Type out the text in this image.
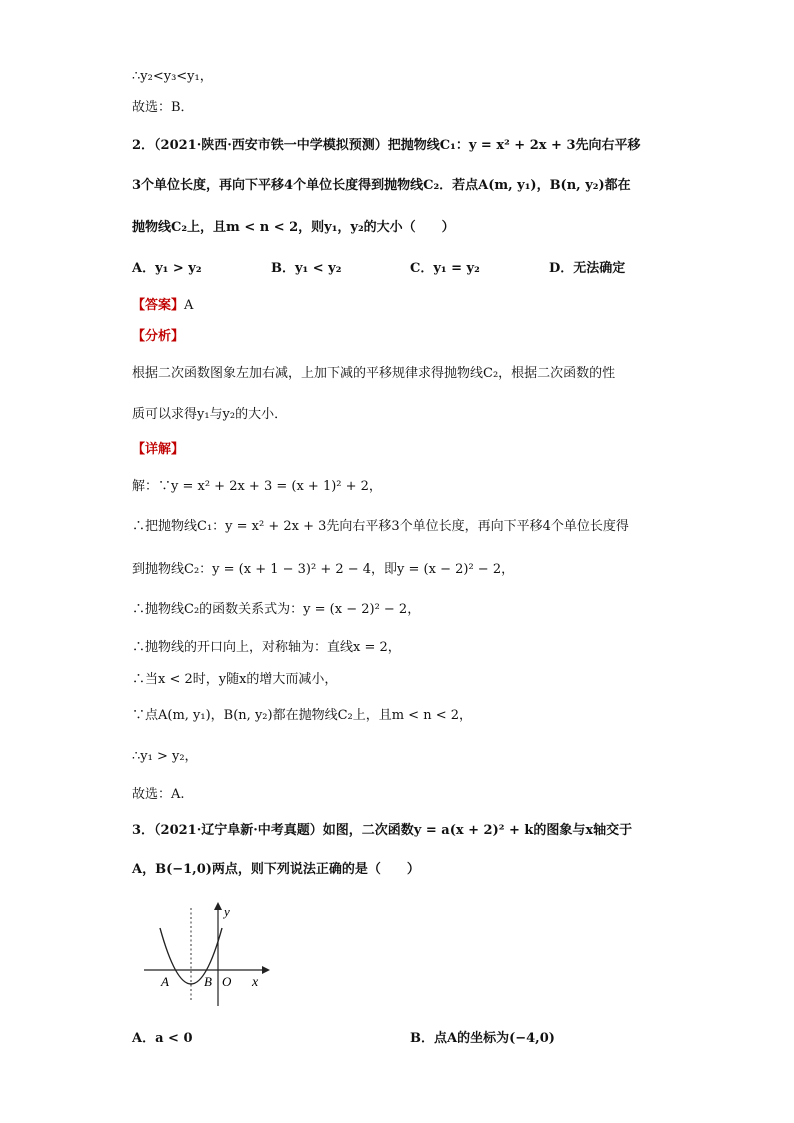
∴y₂<y₃<y₁，
故选：B．
2．（2021·陕西·西安市铁一中学模拟预测）把抛物线C₁：y = x² + 2x + 3先向右平移
3个单位长度，再向下平移4个单位长度得到抛物线C₂．若点A(m, y₁)，B(n, y₂)都在
抛物线C₂上，且m < n < 2，则y₁，y₂的大小（　　）
A．y₁ > y₂	B．y₁ < y₂	C．y₁ = y₂	D．无法确定
【答案】A
【分析】
根据二次函数图象左加右减，上加下减的平移规律求得抛物线C₂，根据二次函数的性
质可以求得y₁与y₂的大小．
【详解】
解：∵y = x² + 2x + 3 = (x + 1)² + 2，
∴把抛物线C₁：y = x² + 2x + 3先向右平移3个单位长度，再向下平移4个单位长度得
到抛物线C₂：y = (x + 1 − 3)² + 2 − 4，即y = (x − 2)² − 2，
∴抛物线C₂的函数关系式为：y = (x − 2)² − 2，
∴抛物线的开口向上，对称轴为：直线x = 2，
∴当x < 2时，y随x的增大而减小，
∵点A(m, y₁)，B(n, y₂)都在抛物线C₂上，且m < n < 2，
∴y₁ > y₂，
故选：A.
3．（2021·辽宁阜新·中考真题）如图，二次函数y = a(x + 2)² + k的图象与x轴交于
A，B(−1,0)两点，则下列说法正确的是（　　）
y
x
A	B O
A．a < 0	B．点A的坐标为(−4,0)
